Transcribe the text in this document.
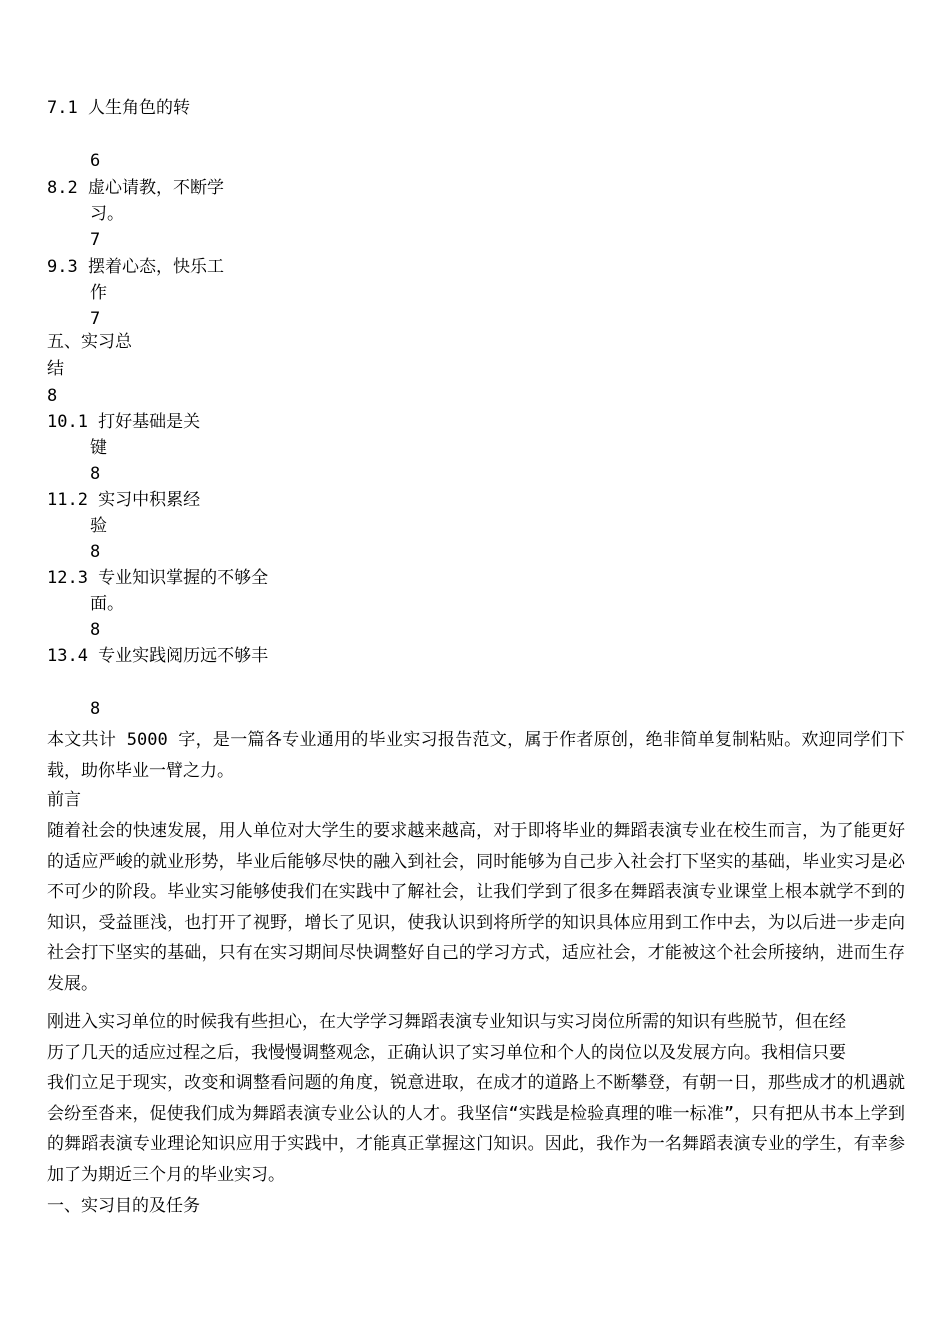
7.1 人生角色的转
6
8.2 虚心请教，不断学
习。
7
9.3 摆着心态，快乐工
作
7
五、实习总
结
8
10.1 打好基础是关
键
8
11.2 实习中积累经
验
8
12.3 专业知识掌握的不够全
面。
8
13.4 专业实践阅历远不够丰
8
本文共计 5000 字，是一篇各专业通用的毕业实习报告范文，属于作者原创，绝非简单复制粘贴。欢迎同学们下载，助你毕业一臂之力。
前言
随着社会的快速发展，用人单位对大学生的要求越来越高，对于即将毕业的舞蹈表演专业在校生而言，为了能更好的适应严峻的就业形势，毕业后能够尽快的融入到社会，同时能够为自己步入社会打下坚实的基础，毕业实习是必不可少的阶段。毕业实习能够使我们在实践中了解社会，让我们学到了很多在舞蹈表演专业课堂上根本就学不到的知识，受益匪浅，也打开了视野，增长了见识，使我认识到将所学的知识具体应用到工作中去，为以后进一步走向社会打下坚实的基础，只有在实习期间尽快调整好自己的学习方式，适应社会，才能被这个社会所接纳，进而生存发展。
刚进入实习单位的时候我有些担心，在大学学习舞蹈表演专业知识与实习岗位所需的知识有些脱节，但在经
历了几天的适应过程之后，我慢慢调整观念，正确认识了实习单位和个人的岗位以及发展方向。我相信只要
我们立足于现实，改变和调整看问题的角度，锐意进取，在成才的道路上不断攀登，有朝一日，那些成才的机遇就会纷至沓来，促使我们成为舞蹈表演专业公认的人才。我坚信“实践是检验真理的唯一标准”，只有把从书本上学到的舞蹈表演专业理论知识应用于实践中，才能真正掌握这门知识。因此，我作为一名舞蹈表演专业的学生，有幸参加了为期近三个月的毕业实习。
一、实习目的及任务
